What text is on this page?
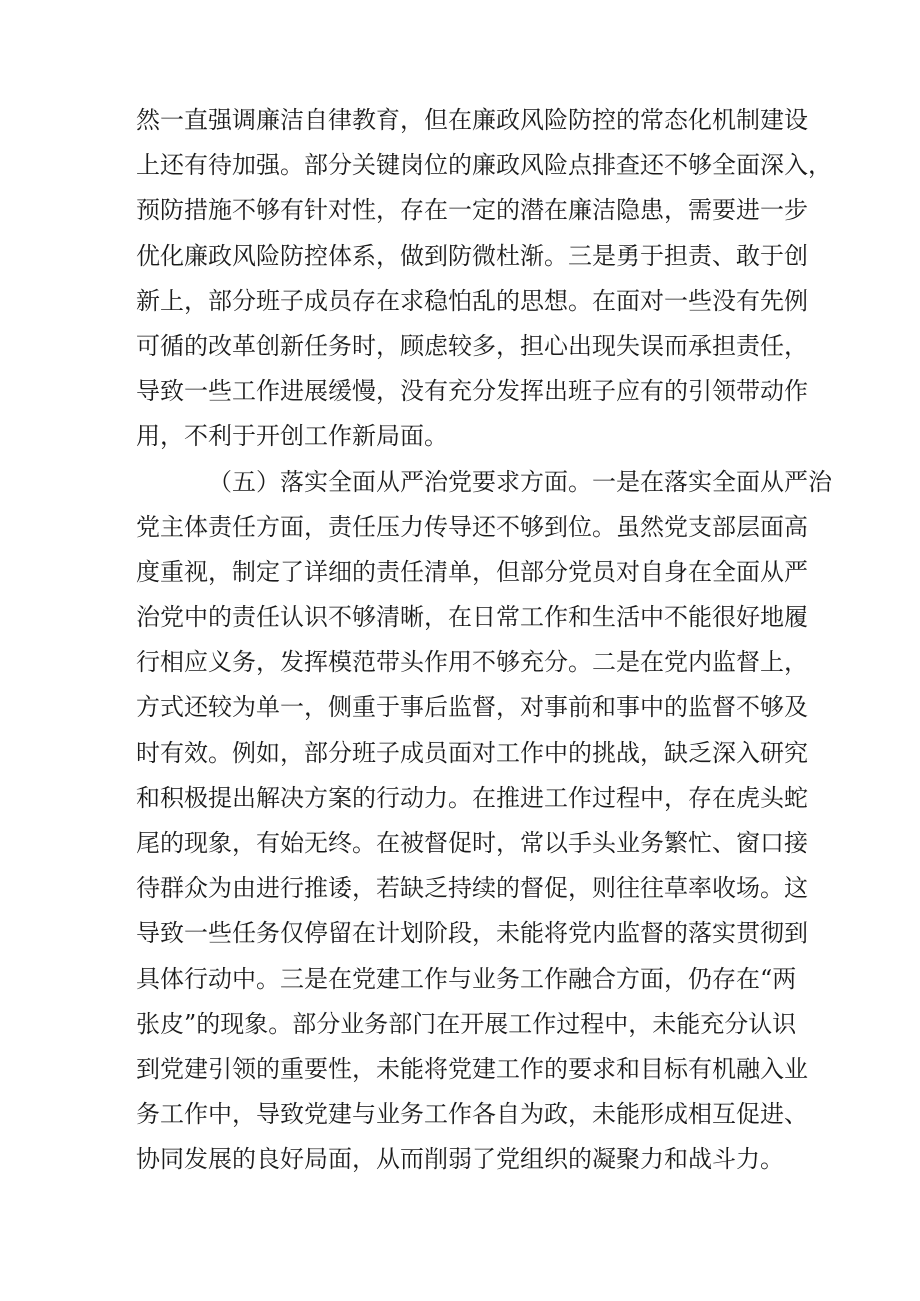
然一直强调廉洁自律教育，但在廉政风险防控的常态化机制建设
上还有待加强。部分关键岗位的廉政风险点排查还不够全面深入，
预防措施不够有针对性，存在一定的潜在廉洁隐患，需要进一步
优化廉政风险防控体系，做到防微杜渐。三是勇于担责、敢于创
新上，部分班子成员存在求稳怕乱的思想。在面对一些没有先例
可循的改革创新任务时，顾虑较多，担心出现失误而承担责任，
导致一些工作进展缓慢，没有充分发挥出班子应有的引领带动作
用，不利于开创工作新局面。
（五）落实全面从严治党要求方面。一是在落实全面从严治
党主体责任方面，责任压力传导还不够到位。虽然党支部层面高
度重视，制定了详细的责任清单，但部分党员对自身在全面从严
治党中的责任认识不够清晰，在日常工作和生活中不能很好地履
行相应义务，发挥模范带头作用不够充分。二是在党内监督上，
方式还较为单一，侧重于事后监督，对事前和事中的监督不够及
时有效。例如，部分班子成员面对工作中的挑战，缺乏深入研究
和积极提出解决方案的行动力。在推进工作过程中，存在虎头蛇
尾的现象，有始无终。在被督促时，常以手头业务繁忙、窗口接
待群众为由进行推诿，若缺乏持续的督促，则往往草率收场。这
导致一些任务仅停留在计划阶段，未能将党内监督的落实贯彻到
具体行动中。三是在党建工作与业务工作融合方面，仍存在“两
张皮”的现象。部分业务部门在开展工作过程中，未能充分认识
到党建引领的重要性，未能将党建工作的要求和目标有机融入业
务工作中，导致党建与业务工作各自为政，未能形成相互促进、
协同发展的良好局面，从而削弱了党组织的凝聚力和战斗力。
